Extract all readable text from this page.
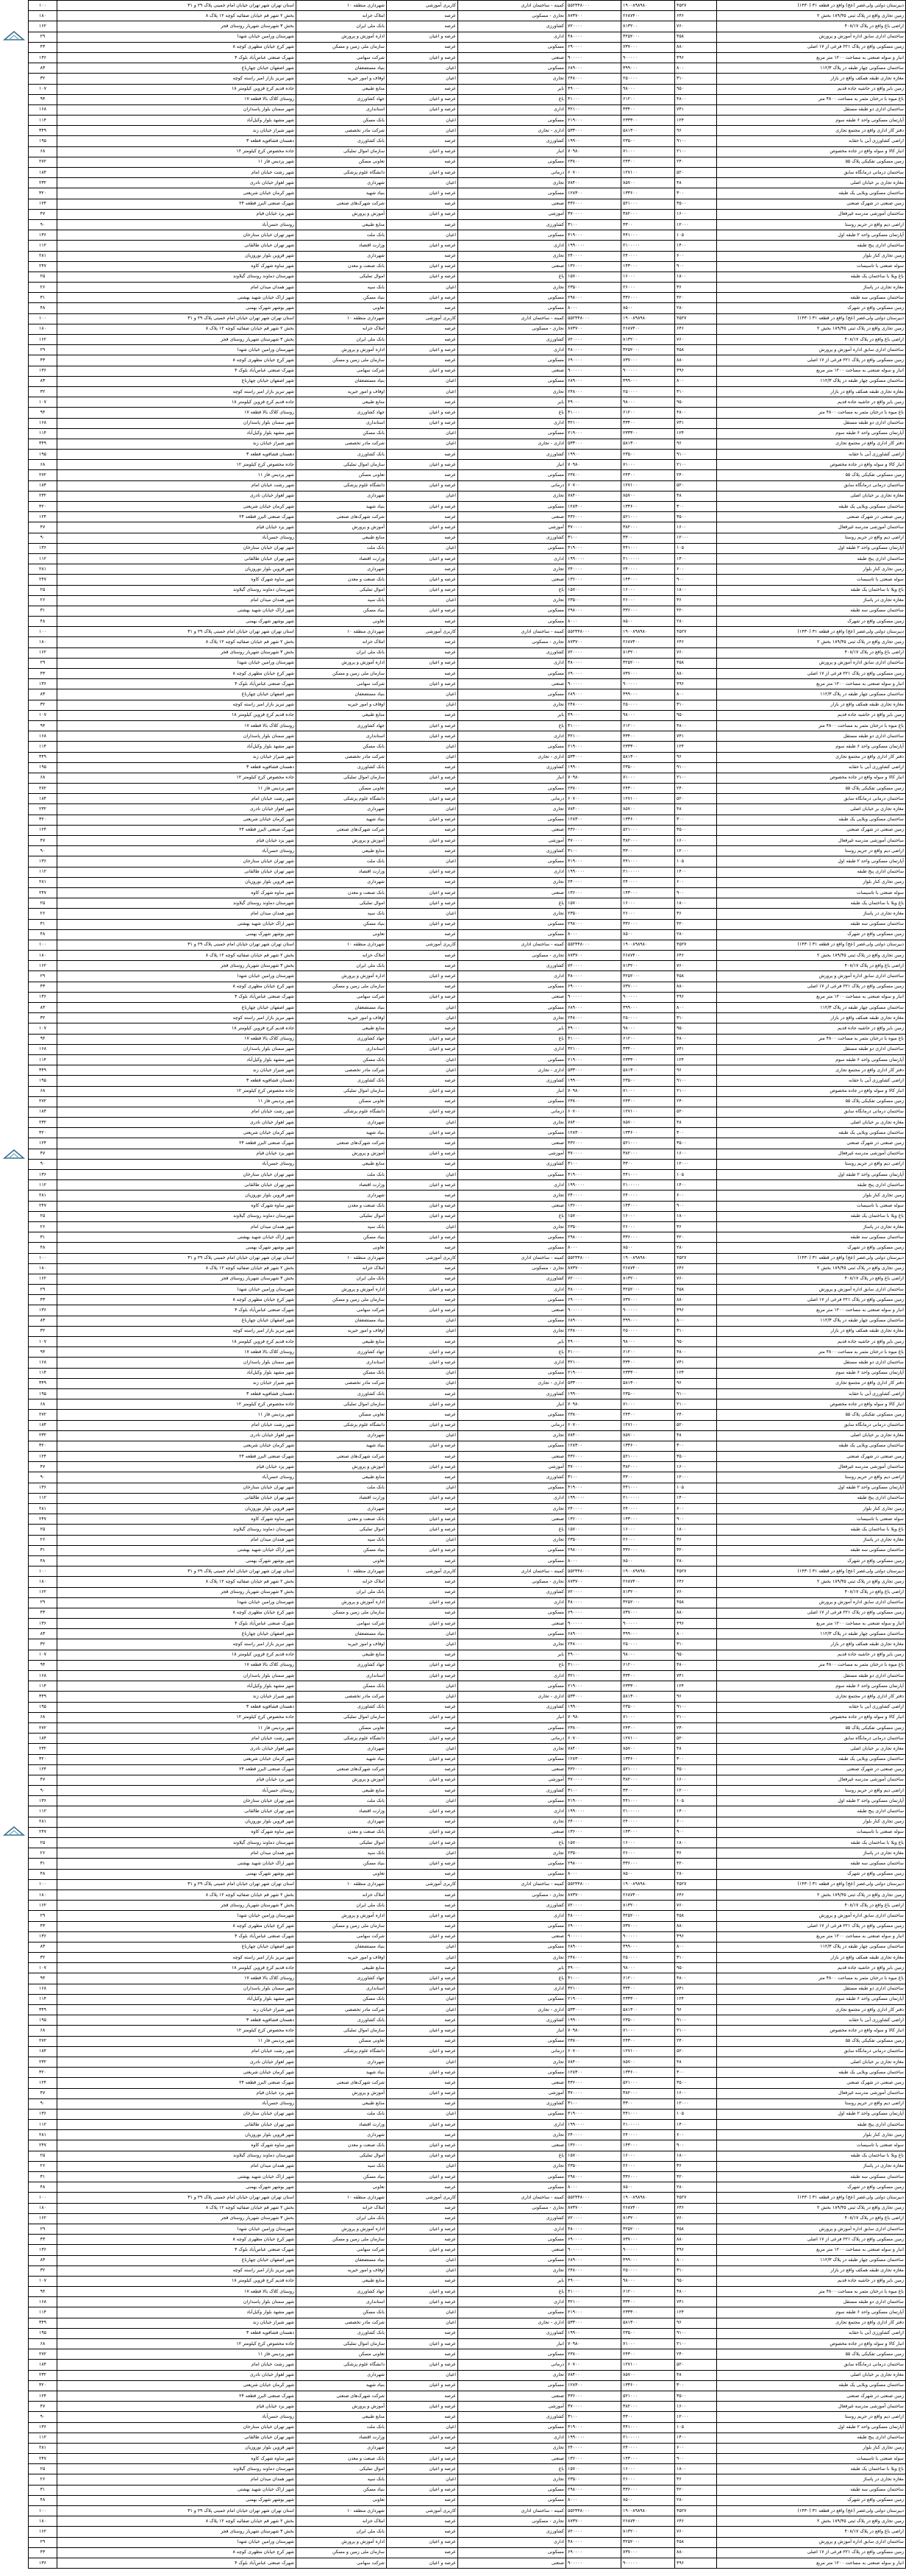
دبیرستان دولتی ولی‌عصر (عج) واقع در قطعه ۳۱ (۱۴۳۰)	۴۵۲۷	۱۹۰۰۸۹۸۹۸۰	۵۵۲۴۴۸۰۰۰	کمیته - ساختمان اداری	کاربری آموزشی	شهرداری منطقه ۱۰	استان تهران شهر تهران خیابان امام خمینی پلاک ۲۹ و ۳۱	۱۰۰
زمین تجاری واقع در پلاک ثبتی ۱۸۹/۴۵ بخش ۲	۶۴۶	۲۶۸۷۴۰۰	۸۷۳۷۰۰	تجاری - مسکونی	عرصه	املاک خزانه	بخش ۲ شهر قم خیابان صفائیه کوچه ۱۲ پلاک ۸	۱۸۰
اراضی باغ واقع در پلاک ۴۰۸/۱۷	۷۶۰	۸۱۳۲۰۰	۷۲۰۰۰۰	کشاورزی	عرصه	بانک ملی ایران	بخش ۳ شهرستان شهریار روستای قجر	۱۶۲
ساختمان اداری سابق اداره آموزش و پرورش	۴۵۸	۳۲۵۲۰۰۰	۴۸۰۰۰۰	اداری	عرصه و اعیان	اداره آموزش و پرورش	شهرستان ورامین خیابان شهدا	۲۹
زمین مسکونی واقع در پلاک ۲۲۱ فرعی از ۱۷ اصلی	۸۸۰	۷۳۷۰۰۰	۶۹۰۰۰۰	مسکونی	عرصه	سازمان ملی زمین و مسکن	شهر کرج خیابان مطهری کوچه ۸	۴۳
انبار و سوله صنعتی به مساحت ۱۲۰۰ متر مربع	۴۹۶	۹۰۰۰۰۰	۹۰۰۰۰۰	صنعتی	عرصه و اعیان	شرکت سهامی	شهرک صنعتی عباس‌آباد بلوک ۴	۱۳۶
ساختمان مسکونی چهار طبقه در پلاک ۱۱۲/۳	۸۰۰	۳۹۹۰۰۰	۶۸۹۰۰۰	مسکونی	اعیان	بنیاد مستضعفان	شهر اصفهان خیابان چهارباغ	۸۳
مغازه تجاری طبقه همکف واقع در بازار	۳۱۰	۲۵۰۰۰۰	۲۴۸۰۰۰	تجاری	اعیان	اوقاف و امور خیریه	شهر تبریز بازار امیر راسته کوچه	۳۲
زمین بایر واقع در حاشیه جاده قدیم	۹۵۰	۹۸۰۰۰	۴۹۰۰۰	بایر	عرصه	منابع طبیعی	جاده قدیم کرج قزوین کیلومتر ۱۸	۱۰۷
باغ میوه با درختان مثمر به مساحت ۴۸۰۰ متر	۴۸۰۰	۶۱۲۰۰	۴۱۰۰۰	باغ	عرصه و اعیان	جهاد کشاورزی	روستای کلاک بالا قطعه ۱۷	۹۴
ساختمان اداری دو طبقه مستقل	۷۴۱	۳۳۴۰۰	۳۲۱۰۰	اداری	عرصه و اعیان	استانداری	شهر سمنان بلوار پاسداران	۱۶۸
آپارتمان مسکونی واحد ۶ طبقه سوم	۱۲۴	۲۳۳۳۰۰	۲۱۹۰۰۰	مسکونی	اعیان	بانک مسکن	شهر مشهد بلوار وکیل‌آباد	۱۱۴
دفتر کار اداری واقع در مجتمع تجاری	۹۶	۵۸۱۳۰۰	۵۳۳۰۰۰	اداری - تجاری	اعیان	شرکت مادر تخصصی	شهر شیراز خیابان زند	۳۴۹
اراضی کشاورزی آبی با حقابه	۹۱۰۰	۲۳۵۰۰	۱۹۹۰۰	کشاورزی	عرصه	بانک کشاورزی	دهستان فشافویه قطعه ۳	۱۹۵
انبار کالا و سوله واقع در جاده مخصوص	۲۱۰۰	۷۱۰۰۰	۷۰۹۸۰	انبار	عرصه و اعیان	سازمان اموال تملیکی	جاده مخصوص کرج کیلومتر ۱۲	۶۸
زمین مسکونی تفکیکی پلاک ۵۵	۲۴۰	۲۴۳۰۰	۲۳۸۰۰	مسکونی	عرصه	تعاونی مسکن	شهر پردیس فاز ۱۱	۲۷۲
ساختمان درمانی درمانگاه سابق	۵۲۰	۱۲۷۱۰۰	۶۰۷۰۰	درمانی	عرصه و اعیان	دانشگاه علوم پزشکی	شهر رشت خیابان امام	۱۸۴
مغازه تجاری بر خیابان اصلی	۴۸	۸۵۷۰۰	۷۸۴۰۰	تجاری	اعیان	شهرداری	شهر اهواز خیابان نادری	۲۳۲
ساختمان مسکونی ویلایی یک طبقه	۳۰۰	۱۳۳۶۰۰	۱۲۸۳۰۰	مسکونی	عرصه و اعیان	بنیاد شهید	شهر کرمان خیابان شریعتی	۳۲۰
زمین صنعتی در شهرک صنعتی	۳۵۰۰	۵۲۱۰۰۰	۴۳۶۰۰۰	صنعتی	عرصه	شرکت شهرک‌های صنعتی	شهرک صنعتی البرز قطعه ۲۴	۱۲۴
ساختمان آموزشی مدرسه غیرفعال	۱۶۰۰	۳۸۲۰۰۰	۳۷۰۰۰۰	آموزشی	عرصه و اعیان	آموزش و پرورش	شهر یزد خیابان قیام	۴۷
اراضی دیم واقع در حریم روستا	۱۲۰۰۰	۳۳۰۰	۳۱۰۰	کشاورزی	عرصه	منابع طبیعی	روستای حسن‌آباد	۹۰
آپارتمان مسکونی واحد ۲ طبقه اول	۱۰۵	۴۴۱۰۰۰	۴۱۹۰۰۰	مسکونی	اعیان	بانک ملت	شهر تهران خیابان ستارخان	۱۳۶
ساختمان اداری پنج طبقه	۱۴۰۰	۲۱۰۰۰۰۰	۱۹۹۰۰۰۰	اداری	عرصه و اعیان	وزارت اقتصاد	شهر تهران خیابان طالقانی	۱۱۲
زمین تجاری کنار بلوار	۶۰۰	۲۴۰۰۰۰	۲۴۰۰۰۰	تجاری	عرصه	شهرداری	شهر قزوین بلوار نوروزیان	۲۸۱
سوله صنعتی با تاسیسات	۹۰۰	۱۴۳۰۰۰	۱۳۶۰۰۰	صنعتی	عرصه و اعیان	بانک صنعت و معدن	شهر ساوه شهرک کاوه	۲۴۷
باغ ویلا با ساختمان یک طبقه	۱۸۰۰	۱۶۰۰۰	۱۵۷۰۰	باغ	عرصه و اعیان	اموال تملیکی	شهرستان دماوند روستای گیلاوند	۲۵
مغازه تجاری در پاساژ	۳۶	۲۶۰۰۰	۲۳۵۰۰	تجاری	اعیان	بانک سپه	شهر همدان میدان امام	۲۶
ساختمان مسکونی سه طبقه	۴۲۰	۳۳۶۰۰۰	۲۹۸۰۰۰	مسکونی	عرصه و اعیان	بنیاد مسکن	شهر اراک خیابان شهید بهشتی	۳۱
زمین مسکونی واقع در شهرک	۲۸۰	۸۵۰۰	۸۰۰۰	مسکونی	عرصه	تعاونی	شهر بوشهر شهرک بهمنی	۴۸
دبیرستان دولتی ولی‌عصر (عج) واقع در قطعه ۳۱ (۱۴۳۰)	۴۵۲۷	۱۹۰۰۸۹۸۹۸۰	۵۵۲۴۴۸۰۰۰	کمیته - ساختمان اداری	کاربری آموزشی	شهرداری منطقه ۱۰	استان تهران شهر تهران خیابان امام خمینی پلاک ۲۹ و ۳۱	۱۰۰
زمین تجاری واقع در پلاک ثبتی ۱۸۹/۴۵ بخش ۲	۶۴۶	۲۶۸۷۴۰۰	۸۷۳۷۰۰	تجاری - مسکونی	عرصه	املاک خزانه	بخش ۲ شهر قم خیابان صفائیه کوچه ۱۲ پلاک ۸	۱۸۰
اراضی باغ واقع در پلاک ۴۰۸/۱۷	۷۶۰	۸۱۳۲۰۰	۷۲۰۰۰۰	کشاورزی	عرصه	بانک ملی ایران	بخش ۳ شهرستان شهریار روستای قجر	۱۶۲
ساختمان اداری سابق اداره آموزش و پرورش	۴۵۸	۳۲۵۲۰۰۰	۴۸۰۰۰۰	اداری	عرصه و اعیان	اداره آموزش و پرورش	شهرستان ورامین خیابان شهدا	۲۹
زمین مسکونی واقع در پلاک ۲۲۱ فرعی از ۱۷ اصلی	۸۸۰	۷۳۷۰۰۰	۶۹۰۰۰۰	مسکونی	عرصه	سازمان ملی زمین و مسکن	شهر کرج خیابان مطهری کوچه ۸	۴۳
انبار و سوله صنعتی به مساحت ۱۲۰۰ متر مربع	۴۹۶	۹۰۰۰۰۰	۹۰۰۰۰۰	صنعتی	عرصه و اعیان	شرکت سهامی	شهرک صنعتی عباس‌آباد بلوک ۴	۱۳۶
ساختمان مسکونی چهار طبقه در پلاک ۱۱۲/۳	۸۰۰	۳۹۹۰۰۰	۶۸۹۰۰۰	مسکونی	اعیان	بنیاد مستضعفان	شهر اصفهان خیابان چهارباغ	۸۳
مغازه تجاری طبقه همکف واقع در بازار	۳۱۰	۲۵۰۰۰۰	۲۴۸۰۰۰	تجاری	اعیان	اوقاف و امور خیریه	شهر تبریز بازار امیر راسته کوچه	۳۲
زمین بایر واقع در حاشیه جاده قدیم	۹۵۰	۹۸۰۰۰	۴۹۰۰۰	بایر	عرصه	منابع طبیعی	جاده قدیم کرج قزوین کیلومتر ۱۸	۱۰۷
باغ میوه با درختان مثمر به مساحت ۴۸۰۰ متر	۴۸۰۰	۶۱۲۰۰	۴۱۰۰۰	باغ	عرصه و اعیان	جهاد کشاورزی	روستای کلاک بالا قطعه ۱۷	۹۴
ساختمان اداری دو طبقه مستقل	۷۴۱	۳۳۴۰۰	۳۲۱۰۰	اداری	عرصه و اعیان	استانداری	شهر سمنان بلوار پاسداران	۱۶۸
آپارتمان مسکونی واحد ۶ طبقه سوم	۱۲۴	۲۳۳۳۰۰	۲۱۹۰۰۰	مسکونی	اعیان	بانک مسکن	شهر مشهد بلوار وکیل‌آباد	۱۱۴
دفتر کار اداری واقع در مجتمع تجاری	۹۶	۵۸۱۳۰۰	۵۳۳۰۰۰	اداری - تجاری	اعیان	شرکت مادر تخصصی	شهر شیراز خیابان زند	۳۴۹
اراضی کشاورزی آبی با حقابه	۹۱۰۰	۲۳۵۰۰	۱۹۹۰۰	کشاورزی	عرصه	بانک کشاورزی	دهستان فشافویه قطعه ۳	۱۹۵
انبار کالا و سوله واقع در جاده مخصوص	۲۱۰۰	۷۱۰۰۰	۷۰۹۸۰	انبار	عرصه و اعیان	سازمان اموال تملیکی	جاده مخصوص کرج کیلومتر ۱۲	۶۸
زمین مسکونی تفکیکی پلاک ۵۵	۲۴۰	۲۴۳۰۰	۲۳۸۰۰	مسکونی	عرصه	تعاونی مسکن	شهر پردیس فاز ۱۱	۲۷۲
ساختمان درمانی درمانگاه سابق	۵۲۰	۱۲۷۱۰۰	۶۰۷۰۰	درمانی	عرصه و اعیان	دانشگاه علوم پزشکی	شهر رشت خیابان امام	۱۸۴
مغازه تجاری بر خیابان اصلی	۴۸	۸۵۷۰۰	۷۸۴۰۰	تجاری	اعیان	شهرداری	شهر اهواز خیابان نادری	۲۳۲
ساختمان مسکونی ویلایی یک طبقه	۳۰۰	۱۳۳۶۰۰	۱۲۸۳۰۰	مسکونی	عرصه و اعیان	بنیاد شهید	شهر کرمان خیابان شریعتی	۳۲۰
زمین صنعتی در شهرک صنعتی	۳۵۰۰	۵۲۱۰۰۰	۴۳۶۰۰۰	صنعتی	عرصه	شرکت شهرک‌های صنعتی	شهرک صنعتی البرز قطعه ۲۴	۱۲۴
ساختمان آموزشی مدرسه غیرفعال	۱۶۰۰	۳۸۲۰۰۰	۳۷۰۰۰۰	آموزشی	عرصه و اعیان	آموزش و پرورش	شهر یزد خیابان قیام	۴۷
اراضی دیم واقع در حریم روستا	۱۲۰۰۰	۳۳۰۰	۳۱۰۰	کشاورزی	عرصه	منابع طبیعی	روستای حسن‌آباد	۹۰
آپارتمان مسکونی واحد ۲ طبقه اول	۱۰۵	۴۴۱۰۰۰	۴۱۹۰۰۰	مسکونی	اعیان	بانک ملت	شهر تهران خیابان ستارخان	۱۳۶
ساختمان اداری پنج طبقه	۱۴۰۰	۲۱۰۰۰۰۰	۱۹۹۰۰۰۰	اداری	عرصه و اعیان	وزارت اقتصاد	شهر تهران خیابان طالقانی	۱۱۲
زمین تجاری کنار بلوار	۶۰۰	۲۴۰۰۰۰	۲۴۰۰۰۰	تجاری	عرصه	شهرداری	شهر قزوین بلوار نوروزیان	۲۸۱
سوله صنعتی با تاسیسات	۹۰۰	۱۴۳۰۰۰	۱۳۶۰۰۰	صنعتی	عرصه و اعیان	بانک صنعت و معدن	شهر ساوه شهرک کاوه	۲۴۷
باغ ویلا با ساختمان یک طبقه	۱۸۰۰	۱۶۰۰۰	۱۵۷۰۰	باغ	عرصه و اعیان	اموال تملیکی	شهرستان دماوند روستای گیلاوند	۲۵
مغازه تجاری در پاساژ	۳۶	۲۶۰۰۰	۲۳۵۰۰	تجاری	اعیان	بانک سپه	شهر همدان میدان امام	۲۶
ساختمان مسکونی سه طبقه	۴۲۰	۳۳۶۰۰۰	۲۹۸۰۰۰	مسکونی	عرصه و اعیان	بنیاد مسکن	شهر اراک خیابان شهید بهشتی	۳۱
زمین مسکونی واقع در شهرک	۲۸۰	۸۵۰۰	۸۰۰۰	مسکونی	عرصه	تعاونی	شهر بوشهر شهرک بهمنی	۴۸
دبیرستان دولتی ولی‌عصر (عج) واقع در قطعه ۳۱ (۱۴۳۰)	۴۵۲۷	۱۹۰۰۸۹۸۹۸۰	۵۵۲۴۴۸۰۰۰	کمیته - ساختمان اداری	کاربری آموزشی	شهرداری منطقه ۱۰	استان تهران شهر تهران خیابان امام خمینی پلاک ۲۹ و ۳۱	۱۰۰
زمین تجاری واقع در پلاک ثبتی ۱۸۹/۴۵ بخش ۲	۶۴۶	۲۶۸۷۴۰۰	۸۷۳۷۰۰	تجاری - مسکونی	عرصه	املاک خزانه	بخش ۲ شهر قم خیابان صفائیه کوچه ۱۲ پلاک ۸	۱۸۰
اراضی باغ واقع در پلاک ۴۰۸/۱۷	۷۶۰	۸۱۳۲۰۰	۷۲۰۰۰۰	کشاورزی	عرصه	بانک ملی ایران	بخش ۳ شهرستان شهریار روستای قجر	۱۶۲
ساختمان اداری سابق اداره آموزش و پرورش	۴۵۸	۳۲۵۲۰۰۰	۴۸۰۰۰۰	اداری	عرصه و اعیان	اداره آموزش و پرورش	شهرستان ورامین خیابان شهدا	۲۹
زمین مسکونی واقع در پلاک ۲۲۱ فرعی از ۱۷ اصلی	۸۸۰	۷۳۷۰۰۰	۶۹۰۰۰۰	مسکونی	عرصه	سازمان ملی زمین و مسکن	شهر کرج خیابان مطهری کوچه ۸	۴۳
انبار و سوله صنعتی به مساحت ۱۲۰۰ متر مربع	۴۹۶	۹۰۰۰۰۰	۹۰۰۰۰۰	صنعتی	عرصه و اعیان	شرکت سهامی	شهرک صنعتی عباس‌آباد بلوک ۴	۱۳۶
ساختمان مسکونی چهار طبقه در پلاک ۱۱۲/۳	۸۰۰	۳۹۹۰۰۰	۶۸۹۰۰۰	مسکونی	اعیان	بنیاد مستضعفان	شهر اصفهان خیابان چهارباغ	۸۳
مغازه تجاری طبقه همکف واقع در بازار	۳۱۰	۲۵۰۰۰۰	۲۴۸۰۰۰	تجاری	اعیان	اوقاف و امور خیریه	شهر تبریز بازار امیر راسته کوچه	۳۲
زمین بایر واقع در حاشیه جاده قدیم	۹۵۰	۹۸۰۰۰	۴۹۰۰۰	بایر	عرصه	منابع طبیعی	جاده قدیم کرج قزوین کیلومتر ۱۸	۱۰۷
باغ میوه با درختان مثمر به مساحت ۴۸۰۰ متر	۴۸۰۰	۶۱۲۰۰	۴۱۰۰۰	باغ	عرصه و اعیان	جهاد کشاورزی	روستای کلاک بالا قطعه ۱۷	۹۴
ساختمان اداری دو طبقه مستقل	۷۴۱	۳۳۴۰۰	۳۲۱۰۰	اداری	عرصه و اعیان	استانداری	شهر سمنان بلوار پاسداران	۱۶۸
آپارتمان مسکونی واحد ۶ طبقه سوم	۱۲۴	۲۳۳۳۰۰	۲۱۹۰۰۰	مسکونی	اعیان	بانک مسکن	شهر مشهد بلوار وکیل‌آباد	۱۱۴
دفتر کار اداری واقع در مجتمع تجاری	۹۶	۵۸۱۳۰۰	۵۳۳۰۰۰	اداری - تجاری	اعیان	شرکت مادر تخصصی	شهر شیراز خیابان زند	۳۴۹
اراضی کشاورزی آبی با حقابه	۹۱۰۰	۲۳۵۰۰	۱۹۹۰۰	کشاورزی	عرصه	بانک کشاورزی	دهستان فشافویه قطعه ۳	۱۹۵
انبار کالا و سوله واقع در جاده مخصوص	۲۱۰۰	۷۱۰۰۰	۷۰۹۸۰	انبار	عرصه و اعیان	سازمان اموال تملیکی	جاده مخصوص کرج کیلومتر ۱۲	۶۸
زمین مسکونی تفکیکی پلاک ۵۵	۲۴۰	۲۴۳۰۰	۲۳۸۰۰	مسکونی	عرصه	تعاونی مسکن	شهر پردیس فاز ۱۱	۲۷۲
ساختمان درمانی درمانگاه سابق	۵۲۰	۱۲۷۱۰۰	۶۰۷۰۰	درمانی	عرصه و اعیان	دانشگاه علوم پزشکی	شهر رشت خیابان امام	۱۸۴
مغازه تجاری بر خیابان اصلی	۴۸	۸۵۷۰۰	۷۸۴۰۰	تجاری	اعیان	شهرداری	شهر اهواز خیابان نادری	۲۳۲
ساختمان مسکونی ویلایی یک طبقه	۳۰۰	۱۳۳۶۰۰	۱۲۸۳۰۰	مسکونی	عرصه و اعیان	بنیاد شهید	شهر کرمان خیابان شریعتی	۳۲۰
زمین صنعتی در شهرک صنعتی	۳۵۰۰	۵۲۱۰۰۰	۴۳۶۰۰۰	صنعتی	عرصه	شرکت شهرک‌های صنعتی	شهرک صنعتی البرز قطعه ۲۴	۱۲۴
ساختمان آموزشی مدرسه غیرفعال	۱۶۰۰	۳۸۲۰۰۰	۳۷۰۰۰۰	آموزشی	عرصه و اعیان	آموزش و پرورش	شهر یزد خیابان قیام	۴۷
اراضی دیم واقع در حریم روستا	۱۲۰۰۰	۳۳۰۰	۳۱۰۰	کشاورزی	عرصه	منابع طبیعی	روستای حسن‌آباد	۹۰
آپارتمان مسکونی واحد ۲ طبقه اول	۱۰۵	۴۴۱۰۰۰	۴۱۹۰۰۰	مسکونی	اعیان	بانک ملت	شهر تهران خیابان ستارخان	۱۳۶
ساختمان اداری پنج طبقه	۱۴۰۰	۲۱۰۰۰۰۰	۱۹۹۰۰۰۰	اداری	عرصه و اعیان	وزارت اقتصاد	شهر تهران خیابان طالقانی	۱۱۲
زمین تجاری کنار بلوار	۶۰۰	۲۴۰۰۰۰	۲۴۰۰۰۰	تجاری	عرصه	شهرداری	شهر قزوین بلوار نوروزیان	۲۸۱
سوله صنعتی با تاسیسات	۹۰۰	۱۴۳۰۰۰	۱۳۶۰۰۰	صنعتی	عرصه و اعیان	بانک صنعت و معدن	شهر ساوه شهرک کاوه	۲۴۷
باغ ویلا با ساختمان یک طبقه	۱۸۰۰	۱۶۰۰۰	۱۵۷۰۰	باغ	عرصه و اعیان	اموال تملیکی	شهرستان دماوند روستای گیلاوند	۲۵
مغازه تجاری در پاساژ	۳۶	۲۶۰۰۰	۲۳۵۰۰	تجاری	اعیان	بانک سپه	شهر همدان میدان امام	۲۶
ساختمان مسکونی سه طبقه	۴۲۰	۳۳۶۰۰۰	۲۹۸۰۰۰	مسکونی	عرصه و اعیان	بنیاد مسکن	شهر اراک خیابان شهید بهشتی	۳۱
زمین مسکونی واقع در شهرک	۲۸۰	۸۵۰۰	۸۰۰۰	مسکونی	عرصه	تعاونی	شهر بوشهر شهرک بهمنی	۴۸
دبیرستان دولتی ولی‌عصر (عج) واقع در قطعه ۳۱ (۱۴۳۰)	۴۵۲۷	۱۹۰۰۸۹۸۹۸۰	۵۵۲۴۴۸۰۰۰	کمیته - ساختمان اداری	کاربری آموزشی	شهرداری منطقه ۱۰	استان تهران شهر تهران خیابان امام خمینی پلاک ۲۹ و ۳۱	۱۰۰
زمین تجاری واقع در پلاک ثبتی ۱۸۹/۴۵ بخش ۲	۶۴۶	۲۶۸۷۴۰۰	۸۷۳۷۰۰	تجاری - مسکونی	عرصه	املاک خزانه	بخش ۲ شهر قم خیابان صفائیه کوچه ۱۲ پلاک ۸	۱۸۰
اراضی باغ واقع در پلاک ۴۰۸/۱۷	۷۶۰	۸۱۳۲۰۰	۷۲۰۰۰۰	کشاورزی	عرصه	بانک ملی ایران	بخش ۳ شهرستان شهریار روستای قجر	۱۶۲
ساختمان اداری سابق اداره آموزش و پرورش	۴۵۸	۳۲۵۲۰۰۰	۴۸۰۰۰۰	اداری	عرصه و اعیان	اداره آموزش و پرورش	شهرستان ورامین خیابان شهدا	۲۹
زمین مسکونی واقع در پلاک ۲۲۱ فرعی از ۱۷ اصلی	۸۸۰	۷۳۷۰۰۰	۶۹۰۰۰۰	مسکونی	عرصه	سازمان ملی زمین و مسکن	شهر کرج خیابان مطهری کوچه ۸	۴۳
انبار و سوله صنعتی به مساحت ۱۲۰۰ متر مربع	۴۹۶	۹۰۰۰۰۰	۹۰۰۰۰۰	صنعتی	عرصه و اعیان	شرکت سهامی	شهرک صنعتی عباس‌آباد بلوک ۴	۱۳۶
ساختمان مسکونی چهار طبقه در پلاک ۱۱۲/۳	۸۰۰	۳۹۹۰۰۰	۶۸۹۰۰۰	مسکونی	اعیان	بنیاد مستضعفان	شهر اصفهان خیابان چهارباغ	۸۳
مغازه تجاری طبقه همکف واقع در بازار	۳۱۰	۲۵۰۰۰۰	۲۴۸۰۰۰	تجاری	اعیان	اوقاف و امور خیریه	شهر تبریز بازار امیر راسته کوچه	۳۲
زمین بایر واقع در حاشیه جاده قدیم	۹۵۰	۹۸۰۰۰	۴۹۰۰۰	بایر	عرصه	منابع طبیعی	جاده قدیم کرج قزوین کیلومتر ۱۸	۱۰۷
باغ میوه با درختان مثمر به مساحت ۴۸۰۰ متر	۴۸۰۰	۶۱۲۰۰	۴۱۰۰۰	باغ	عرصه و اعیان	جهاد کشاورزی	روستای کلاک بالا قطعه ۱۷	۹۴
ساختمان اداری دو طبقه مستقل	۷۴۱	۳۳۴۰۰	۳۲۱۰۰	اداری	عرصه و اعیان	استانداری	شهر سمنان بلوار پاسداران	۱۶۸
آپارتمان مسکونی واحد ۶ طبقه سوم	۱۲۴	۲۳۳۳۰۰	۲۱۹۰۰۰	مسکونی	اعیان	بانک مسکن	شهر مشهد بلوار وکیل‌آباد	۱۱۴
دفتر کار اداری واقع در مجتمع تجاری	۹۶	۵۸۱۳۰۰	۵۳۳۰۰۰	اداری - تجاری	اعیان	شرکت مادر تخصصی	شهر شیراز خیابان زند	۳۴۹
اراضی کشاورزی آبی با حقابه	۹۱۰۰	۲۳۵۰۰	۱۹۹۰۰	کشاورزی	عرصه	بانک کشاورزی	دهستان فشافویه قطعه ۳	۱۹۵
انبار کالا و سوله واقع در جاده مخصوص	۲۱۰۰	۷۱۰۰۰	۷۰۹۸۰	انبار	عرصه و اعیان	سازمان اموال تملیکی	جاده مخصوص کرج کیلومتر ۱۲	۶۸
زمین مسکونی تفکیکی پلاک ۵۵	۲۴۰	۲۴۳۰۰	۲۳۸۰۰	مسکونی	عرصه	تعاونی مسکن	شهر پردیس فاز ۱۱	۲۷۲
ساختمان درمانی درمانگاه سابق	۵۲۰	۱۲۷۱۰۰	۶۰۷۰۰	درمانی	عرصه و اعیان	دانشگاه علوم پزشکی	شهر رشت خیابان امام	۱۸۴
مغازه تجاری بر خیابان اصلی	۴۸	۸۵۷۰۰	۷۸۴۰۰	تجاری	اعیان	شهرداری	شهر اهواز خیابان نادری	۲۳۲
ساختمان مسکونی ویلایی یک طبقه	۳۰۰	۱۳۳۶۰۰	۱۲۸۳۰۰	مسکونی	عرصه و اعیان	بنیاد شهید	شهر کرمان خیابان شریعتی	۳۲۰
زمین صنعتی در شهرک صنعتی	۳۵۰۰	۵۲۱۰۰۰	۴۳۶۰۰۰	صنعتی	عرصه	شرکت شهرک‌های صنعتی	شهرک صنعتی البرز قطعه ۲۴	۱۲۴
ساختمان آموزشی مدرسه غیرفعال	۱۶۰۰	۳۸۲۰۰۰	۳۷۰۰۰۰	آموزشی	عرصه و اعیان	آموزش و پرورش	شهر یزد خیابان قیام	۴۷
اراضی دیم واقع در حریم روستا	۱۲۰۰۰	۳۳۰۰	۳۱۰۰	کشاورزی	عرصه	منابع طبیعی	روستای حسن‌آباد	۹۰
آپارتمان مسکونی واحد ۲ طبقه اول	۱۰۵	۴۴۱۰۰۰	۴۱۹۰۰۰	مسکونی	اعیان	بانک ملت	شهر تهران خیابان ستارخان	۱۳۶
ساختمان اداری پنج طبقه	۱۴۰۰	۲۱۰۰۰۰۰	۱۹۹۰۰۰۰	اداری	عرصه و اعیان	وزارت اقتصاد	شهر تهران خیابان طالقانی	۱۱۲
زمین تجاری کنار بلوار	۶۰۰	۲۴۰۰۰۰	۲۴۰۰۰۰	تجاری	عرصه	شهرداری	شهر قزوین بلوار نوروزیان	۲۸۱
سوله صنعتی با تاسیسات	۹۰۰	۱۴۳۰۰۰	۱۳۶۰۰۰	صنعتی	عرصه و اعیان	بانک صنعت و معدن	شهر ساوه شهرک کاوه	۲۴۷
باغ ویلا با ساختمان یک طبقه	۱۸۰۰	۱۶۰۰۰	۱۵۷۰۰	باغ	عرصه و اعیان	اموال تملیکی	شهرستان دماوند روستای گیلاوند	۲۵
مغازه تجاری در پاساژ	۳۶	۲۶۰۰۰	۲۳۵۰۰	تجاری	اعیان	بانک سپه	شهر همدان میدان امام	۲۶
ساختمان مسکونی سه طبقه	۴۲۰	۳۳۶۰۰۰	۲۹۸۰۰۰	مسکونی	عرصه و اعیان	بنیاد مسکن	شهر اراک خیابان شهید بهشتی	۳۱
زمین مسکونی واقع در شهرک	۲۸۰	۸۵۰۰	۸۰۰۰	مسکونی	عرصه	تعاونی	شهر بوشهر شهرک بهمنی	۴۸
دبیرستان دولتی ولی‌عصر (عج) واقع در قطعه ۳۱ (۱۴۳۰)	۴۵۲۷	۱۹۰۰۸۹۸۹۸۰	۵۵۲۴۴۸۰۰۰	کمیته - ساختمان اداری	کاربری آموزشی	شهرداری منطقه ۱۰	استان تهران شهر تهران خیابان امام خمینی پلاک ۲۹ و ۳۱	۱۰۰
زمین تجاری واقع در پلاک ثبتی ۱۸۹/۴۵ بخش ۲	۶۴۶	۲۶۸۷۴۰۰	۸۷۳۷۰۰	تجاری - مسکونی	عرصه	املاک خزانه	بخش ۲ شهر قم خیابان صفائیه کوچه ۱۲ پلاک ۸	۱۸۰
اراضی باغ واقع در پلاک ۴۰۸/۱۷	۷۶۰	۸۱۳۲۰۰	۷۲۰۰۰۰	کشاورزی	عرصه	بانک ملی ایران	بخش ۳ شهرستان شهریار روستای قجر	۱۶۲
ساختمان اداری سابق اداره آموزش و پرورش	۴۵۸	۳۲۵۲۰۰۰	۴۸۰۰۰۰	اداری	عرصه و اعیان	اداره آموزش و پرورش	شهرستان ورامین خیابان شهدا	۲۹
زمین مسکونی واقع در پلاک ۲۲۱ فرعی از ۱۷ اصلی	۸۸۰	۷۳۷۰۰۰	۶۹۰۰۰۰	مسکونی	عرصه	سازمان ملی زمین و مسکن	شهر کرج خیابان مطهری کوچه ۸	۴۳
انبار و سوله صنعتی به مساحت ۱۲۰۰ متر مربع	۴۹۶	۹۰۰۰۰۰	۹۰۰۰۰۰	صنعتی	عرصه و اعیان	شرکت سهامی	شهرک صنعتی عباس‌آباد بلوک ۴	۱۳۶
ساختمان مسکونی چهار طبقه در پلاک ۱۱۲/۳	۸۰۰	۳۹۹۰۰۰	۶۸۹۰۰۰	مسکونی	اعیان	بنیاد مستضعفان	شهر اصفهان خیابان چهارباغ	۸۳
مغازه تجاری طبقه همکف واقع در بازار	۳۱۰	۲۵۰۰۰۰	۲۴۸۰۰۰	تجاری	اعیان	اوقاف و امور خیریه	شهر تبریز بازار امیر راسته کوچه	۳۲
زمین بایر واقع در حاشیه جاده قدیم	۹۵۰	۹۸۰۰۰	۴۹۰۰۰	بایر	عرصه	منابع طبیعی	جاده قدیم کرج قزوین کیلومتر ۱۸	۱۰۷
باغ میوه با درختان مثمر به مساحت ۴۸۰۰ متر	۴۸۰۰	۶۱۲۰۰	۴۱۰۰۰	باغ	عرصه و اعیان	جهاد کشاورزی	روستای کلاک بالا قطعه ۱۷	۹۴
ساختمان اداری دو طبقه مستقل	۷۴۱	۳۳۴۰۰	۳۲۱۰۰	اداری	عرصه و اعیان	استانداری	شهر سمنان بلوار پاسداران	۱۶۸
آپارتمان مسکونی واحد ۶ طبقه سوم	۱۲۴	۲۳۳۳۰۰	۲۱۹۰۰۰	مسکونی	اعیان	بانک مسکن	شهر مشهد بلوار وکیل‌آباد	۱۱۴
دفتر کار اداری واقع در مجتمع تجاری	۹۶	۵۸۱۳۰۰	۵۳۳۰۰۰	اداری - تجاری	اعیان	شرکت مادر تخصصی	شهر شیراز خیابان زند	۳۴۹
اراضی کشاورزی آبی با حقابه	۹۱۰۰	۲۳۵۰۰	۱۹۹۰۰	کشاورزی	عرصه	بانک کشاورزی	دهستان فشافویه قطعه ۳	۱۹۵
انبار کالا و سوله واقع در جاده مخصوص	۲۱۰۰	۷۱۰۰۰	۷۰۹۸۰	انبار	عرصه و اعیان	سازمان اموال تملیکی	جاده مخصوص کرج کیلومتر ۱۲	۶۸
زمین مسکونی تفکیکی پلاک ۵۵	۲۴۰	۲۴۳۰۰	۲۳۸۰۰	مسکونی	عرصه	تعاونی مسکن	شهر پردیس فاز ۱۱	۲۷۲
ساختمان درمانی درمانگاه سابق	۵۲۰	۱۲۷۱۰۰	۶۰۷۰۰	درمانی	عرصه و اعیان	دانشگاه علوم پزشکی	شهر رشت خیابان امام	۱۸۴
مغازه تجاری بر خیابان اصلی	۴۸	۸۵۷۰۰	۷۸۴۰۰	تجاری	اعیان	شهرداری	شهر اهواز خیابان نادری	۲۳۲
ساختمان مسکونی ویلایی یک طبقه	۳۰۰	۱۳۳۶۰۰	۱۲۸۳۰۰	مسکونی	عرصه و اعیان	بنیاد شهید	شهر کرمان خیابان شریعتی	۳۲۰
زمین صنعتی در شهرک صنعتی	۳۵۰۰	۵۲۱۰۰۰	۴۳۶۰۰۰	صنعتی	عرصه	شرکت شهرک‌های صنعتی	شهرک صنعتی البرز قطعه ۲۴	۱۲۴
ساختمان آموزشی مدرسه غیرفعال	۱۶۰۰	۳۸۲۰۰۰	۳۷۰۰۰۰	آموزشی	عرصه و اعیان	آموزش و پرورش	شهر یزد خیابان قیام	۴۷
اراضی دیم واقع در حریم روستا	۱۲۰۰۰	۳۳۰۰	۳۱۰۰	کشاورزی	عرصه	منابع طبیعی	روستای حسن‌آباد	۹۰
آپارتمان مسکونی واحد ۲ طبقه اول	۱۰۵	۴۴۱۰۰۰	۴۱۹۰۰۰	مسکونی	اعیان	بانک ملت	شهر تهران خیابان ستارخان	۱۳۶
ساختمان اداری پنج طبقه	۱۴۰۰	۲۱۰۰۰۰۰	۱۹۹۰۰۰۰	اداری	عرصه و اعیان	وزارت اقتصاد	شهر تهران خیابان طالقانی	۱۱۲
زمین تجاری کنار بلوار	۶۰۰	۲۴۰۰۰۰	۲۴۰۰۰۰	تجاری	عرصه	شهرداری	شهر قزوین بلوار نوروزیان	۲۸۱
سوله صنعتی با تاسیسات	۹۰۰	۱۴۳۰۰۰	۱۳۶۰۰۰	صنعتی	عرصه و اعیان	بانک صنعت و معدن	شهر ساوه شهرک کاوه	۲۴۷
باغ ویلا با ساختمان یک طبقه	۱۸۰۰	۱۶۰۰۰	۱۵۷۰۰	باغ	عرصه و اعیان	اموال تملیکی	شهرستان دماوند روستای گیلاوند	۲۵
مغازه تجاری در پاساژ	۳۶	۲۶۰۰۰	۲۳۵۰۰	تجاری	اعیان	بانک سپه	شهر همدان میدان امام	۲۶
ساختمان مسکونی سه طبقه	۴۲۰	۳۳۶۰۰۰	۲۹۸۰۰۰	مسکونی	عرصه و اعیان	بنیاد مسکن	شهر اراک خیابان شهید بهشتی	۳۱
زمین مسکونی واقع در شهرک	۲۸۰	۸۵۰۰	۸۰۰۰	مسکونی	عرصه	تعاونی	شهر بوشهر شهرک بهمنی	۴۸
دبیرستان دولتی ولی‌عصر (عج) واقع در قطعه ۳۱ (۱۴۳۰)	۴۵۲۷	۱۹۰۰۸۹۸۹۸۰	۵۵۲۴۴۸۰۰۰	کمیته - ساختمان اداری	کاربری آموزشی	شهرداری منطقه ۱۰	استان تهران شهر تهران خیابان امام خمینی پلاک ۲۹ و ۳۱	۱۰۰
زمین تجاری واقع در پلاک ثبتی ۱۸۹/۴۵ بخش ۲	۶۴۶	۲۶۸۷۴۰۰	۸۷۳۷۰۰	تجاری - مسکونی	عرصه	املاک خزانه	بخش ۲ شهر قم خیابان صفائیه کوچه ۱۲ پلاک ۸	۱۸۰
اراضی باغ واقع در پلاک ۴۰۸/۱۷	۷۶۰	۸۱۳۲۰۰	۷۲۰۰۰۰	کشاورزی	عرصه	بانک ملی ایران	بخش ۳ شهرستان شهریار روستای قجر	۱۶۲
ساختمان اداری سابق اداره آموزش و پرورش	۴۵۸	۳۲۵۲۰۰۰	۴۸۰۰۰۰	اداری	عرصه و اعیان	اداره آموزش و پرورش	شهرستان ورامین خیابان شهدا	۲۹
زمین مسکونی واقع در پلاک ۲۲۱ فرعی از ۱۷ اصلی	۸۸۰	۷۳۷۰۰۰	۶۹۰۰۰۰	مسکونی	عرصه	سازمان ملی زمین و مسکن	شهر کرج خیابان مطهری کوچه ۸	۴۳
انبار و سوله صنعتی به مساحت ۱۲۰۰ متر مربع	۴۹۶	۹۰۰۰۰۰	۹۰۰۰۰۰	صنعتی	عرصه و اعیان	شرکت سهامی	شهرک صنعتی عباس‌آباد بلوک ۴	۱۳۶
ساختمان مسکونی چهار طبقه در پلاک ۱۱۲/۳	۸۰۰	۳۹۹۰۰۰	۶۸۹۰۰۰	مسکونی	اعیان	بنیاد مستضعفان	شهر اصفهان خیابان چهارباغ	۸۳
مغازه تجاری طبقه همکف واقع در بازار	۳۱۰	۲۵۰۰۰۰	۲۴۸۰۰۰	تجاری	اعیان	اوقاف و امور خیریه	شهر تبریز بازار امیر راسته کوچه	۳۲
زمین بایر واقع در حاشیه جاده قدیم	۹۵۰	۹۸۰۰۰	۴۹۰۰۰	بایر	عرصه	منابع طبیعی	جاده قدیم کرج قزوین کیلومتر ۱۸	۱۰۷
باغ میوه با درختان مثمر به مساحت ۴۸۰۰ متر	۴۸۰۰	۶۱۲۰۰	۴۱۰۰۰	باغ	عرصه و اعیان	جهاد کشاورزی	روستای کلاک بالا قطعه ۱۷	۹۴
ساختمان اداری دو طبقه مستقل	۷۴۱	۳۳۴۰۰	۳۲۱۰۰	اداری	عرصه و اعیان	استانداری	شهر سمنان بلوار پاسداران	۱۶۸
آپارتمان مسکونی واحد ۶ طبقه سوم	۱۲۴	۲۳۳۳۰۰	۲۱۹۰۰۰	مسکونی	اعیان	بانک مسکن	شهر مشهد بلوار وکیل‌آباد	۱۱۴
دفتر کار اداری واقع در مجتمع تجاری	۹۶	۵۸۱۳۰۰	۵۳۳۰۰۰	اداری - تجاری	اعیان	شرکت مادر تخصصی	شهر شیراز خیابان زند	۳۴۹
اراضی کشاورزی آبی با حقابه	۹۱۰۰	۲۳۵۰۰	۱۹۹۰۰	کشاورزی	عرصه	بانک کشاورزی	دهستان فشافویه قطعه ۳	۱۹۵
انبار کالا و سوله واقع در جاده مخصوص	۲۱۰۰	۷۱۰۰۰	۷۰۹۸۰	انبار	عرصه و اعیان	سازمان اموال تملیکی	جاده مخصوص کرج کیلومتر ۱۲	۶۸
زمین مسکونی تفکیکی پلاک ۵۵	۲۴۰	۲۴۳۰۰	۲۳۸۰۰	مسکونی	عرصه	تعاونی مسکن	شهر پردیس فاز ۱۱	۲۷۲
ساختمان درمانی درمانگاه سابق	۵۲۰	۱۲۷۱۰۰	۶۰۷۰۰	درمانی	عرصه و اعیان	دانشگاه علوم پزشکی	شهر رشت خیابان امام	۱۸۴
مغازه تجاری بر خیابان اصلی	۴۸	۸۵۷۰۰	۷۸۴۰۰	تجاری	اعیان	شهرداری	شهر اهواز خیابان نادری	۲۳۲
ساختمان مسکونی ویلایی یک طبقه	۳۰۰	۱۳۳۶۰۰	۱۲۸۳۰۰	مسکونی	عرصه و اعیان	بنیاد شهید	شهر کرمان خیابان شریعتی	۳۲۰
زمین صنعتی در شهرک صنعتی	۳۵۰۰	۵۲۱۰۰۰	۴۳۶۰۰۰	صنعتی	عرصه	شرکت شهرک‌های صنعتی	شهرک صنعتی البرز قطعه ۲۴	۱۲۴
ساختمان آموزشی مدرسه غیرفعال	۱۶۰۰	۳۸۲۰۰۰	۳۷۰۰۰۰	آموزشی	عرصه و اعیان	آموزش و پرورش	شهر یزد خیابان قیام	۴۷
اراضی دیم واقع در حریم روستا	۱۲۰۰۰	۳۳۰۰	۳۱۰۰	کشاورزی	عرصه	منابع طبیعی	روستای حسن‌آباد	۹۰
آپارتمان مسکونی واحد ۲ طبقه اول	۱۰۵	۴۴۱۰۰۰	۴۱۹۰۰۰	مسکونی	اعیان	بانک ملت	شهر تهران خیابان ستارخان	۱۳۶
ساختمان اداری پنج طبقه	۱۴۰۰	۲۱۰۰۰۰۰	۱۹۹۰۰۰۰	اداری	عرصه و اعیان	وزارت اقتصاد	شهر تهران خیابان طالقانی	۱۱۲
زمین تجاری کنار بلوار	۶۰۰	۲۴۰۰۰۰	۲۴۰۰۰۰	تجاری	عرصه	شهرداری	شهر قزوین بلوار نوروزیان	۲۸۱
سوله صنعتی با تاسیسات	۹۰۰	۱۴۳۰۰۰	۱۳۶۰۰۰	صنعتی	عرصه و اعیان	بانک صنعت و معدن	شهر ساوه شهرک کاوه	۲۴۷
باغ ویلا با ساختمان یک طبقه	۱۸۰۰	۱۶۰۰۰	۱۵۷۰۰	باغ	عرصه و اعیان	اموال تملیکی	شهرستان دماوند روستای گیلاوند	۲۵
مغازه تجاری در پاساژ	۳۶	۲۶۰۰۰	۲۳۵۰۰	تجاری	اعیان	بانک سپه	شهر همدان میدان امام	۲۶
ساختمان مسکونی سه طبقه	۴۲۰	۳۳۶۰۰۰	۲۹۸۰۰۰	مسکونی	عرصه و اعیان	بنیاد مسکن	شهر اراک خیابان شهید بهشتی	۳۱
زمین مسکونی واقع در شهرک	۲۸۰	۸۵۰۰	۸۰۰۰	مسکونی	عرصه	تعاونی	شهر بوشهر شهرک بهمنی	۴۸
دبیرستان دولتی ولی‌عصر (عج) واقع در قطعه ۳۱ (۱۴۳۰)	۴۵۲۷	۱۹۰۰۸۹۸۹۸۰	۵۵۲۴۴۸۰۰۰	کمیته - ساختمان اداری	کاربری آموزشی	شهرداری منطقه ۱۰	استان تهران شهر تهران خیابان امام خمینی پلاک ۲۹ و ۳۱	۱۰۰
زمین تجاری واقع در پلاک ثبتی ۱۸۹/۴۵ بخش ۲	۶۴۶	۲۶۸۷۴۰۰	۸۷۳۷۰۰	تجاری - مسکونی	عرصه	املاک خزانه	بخش ۲ شهر قم خیابان صفائیه کوچه ۱۲ پلاک ۸	۱۸۰
اراضی باغ واقع در پلاک ۴۰۸/۱۷	۷۶۰	۸۱۳۲۰۰	۷۲۰۰۰۰	کشاورزی	عرصه	بانک ملی ایران	بخش ۳ شهرستان شهریار روستای قجر	۱۶۲
ساختمان اداری سابق اداره آموزش و پرورش	۴۵۸	۳۲۵۲۰۰۰	۴۸۰۰۰۰	اداری	عرصه و اعیان	اداره آموزش و پرورش	شهرستان ورامین خیابان شهدا	۲۹
زمین مسکونی واقع در پلاک ۲۲۱ فرعی از ۱۷ اصلی	۸۸۰	۷۳۷۰۰۰	۶۹۰۰۰۰	مسکونی	عرصه	سازمان ملی زمین و مسکن	شهر کرج خیابان مطهری کوچه ۸	۴۳
انبار و سوله صنعتی به مساحت ۱۲۰۰ متر مربع	۴۹۶	۹۰۰۰۰۰	۹۰۰۰۰۰	صنعتی	عرصه و اعیان	شرکت سهامی	شهرک صنعتی عباس‌آباد بلوک ۴	۱۳۶
ساختمان مسکونی چهار طبقه در پلاک ۱۱۲/۳	۸۰۰	۳۹۹۰۰۰	۶۸۹۰۰۰	مسکونی	اعیان	بنیاد مستضعفان	شهر اصفهان خیابان چهارباغ	۸۳
مغازه تجاری طبقه همکف واقع در بازار	۳۱۰	۲۵۰۰۰۰	۲۴۸۰۰۰	تجاری	اعیان	اوقاف و امور خیریه	شهر تبریز بازار امیر راسته کوچه	۳۲
زمین بایر واقع در حاشیه جاده قدیم	۹۵۰	۹۸۰۰۰	۴۹۰۰۰	بایر	عرصه	منابع طبیعی	جاده قدیم کرج قزوین کیلومتر ۱۸	۱۰۷
باغ میوه با درختان مثمر به مساحت ۴۸۰۰ متر	۴۸۰۰	۶۱۲۰۰	۴۱۰۰۰	باغ	عرصه و اعیان	جهاد کشاورزی	روستای کلاک بالا قطعه ۱۷	۹۴
ساختمان اداری دو طبقه مستقل	۷۴۱	۳۳۴۰۰	۳۲۱۰۰	اداری	عرصه و اعیان	استانداری	شهر سمنان بلوار پاسداران	۱۶۸
آپارتمان مسکونی واحد ۶ طبقه سوم	۱۲۴	۲۳۳۳۰۰	۲۱۹۰۰۰	مسکونی	اعیان	بانک مسکن	شهر مشهد بلوار وکیل‌آباد	۱۱۴
دفتر کار اداری واقع در مجتمع تجاری	۹۶	۵۸۱۳۰۰	۵۳۳۰۰۰	اداری - تجاری	اعیان	شرکت مادر تخصصی	شهر شیراز خیابان زند	۳۴۹
اراضی کشاورزی آبی با حقابه	۹۱۰۰	۲۳۵۰۰	۱۹۹۰۰	کشاورزی	عرصه	بانک کشاورزی	دهستان فشافویه قطعه ۳	۱۹۵
انبار کالا و سوله واقع در جاده مخصوص	۲۱۰۰	۷۱۰۰۰	۷۰۹۸۰	انبار	عرصه و اعیان	سازمان اموال تملیکی	جاده مخصوص کرج کیلومتر ۱۲	۶۸
زمین مسکونی تفکیکی پلاک ۵۵	۲۴۰	۲۴۳۰۰	۲۳۸۰۰	مسکونی	عرصه	تعاونی مسکن	شهر پردیس فاز ۱۱	۲۷۲
ساختمان درمانی درمانگاه سابق	۵۲۰	۱۲۷۱۰۰	۶۰۷۰۰	درمانی	عرصه و اعیان	دانشگاه علوم پزشکی	شهر رشت خیابان امام	۱۸۴
مغازه تجاری بر خیابان اصلی	۴۸	۸۵۷۰۰	۷۸۴۰۰	تجاری	اعیان	شهرداری	شهر اهواز خیابان نادری	۲۳۲
ساختمان مسکونی ویلایی یک طبقه	۳۰۰	۱۳۳۶۰۰	۱۲۸۳۰۰	مسکونی	عرصه و اعیان	بنیاد شهید	شهر کرمان خیابان شریعتی	۳۲۰
زمین صنعتی در شهرک صنعتی	۳۵۰۰	۵۲۱۰۰۰	۴۳۶۰۰۰	صنعتی	عرصه	شرکت شهرک‌های صنعتی	شهرک صنعتی البرز قطعه ۲۴	۱۲۴
ساختمان آموزشی مدرسه غیرفعال	۱۶۰۰	۳۸۲۰۰۰	۳۷۰۰۰۰	آموزشی	عرصه و اعیان	آموزش و پرورش	شهر یزد خیابان قیام	۴۷
اراضی دیم واقع در حریم روستا	۱۲۰۰۰	۳۳۰۰	۳۱۰۰	کشاورزی	عرصه	منابع طبیعی	روستای حسن‌آباد	۹۰
آپارتمان مسکونی واحد ۲ طبقه اول	۱۰۵	۴۴۱۰۰۰	۴۱۹۰۰۰	مسکونی	اعیان	بانک ملت	شهر تهران خیابان ستارخان	۱۳۶
ساختمان اداری پنج طبقه	۱۴۰۰	۲۱۰۰۰۰۰	۱۹۹۰۰۰۰	اداری	عرصه و اعیان	وزارت اقتصاد	شهر تهران خیابان طالقانی	۱۱۲
زمین تجاری کنار بلوار	۶۰۰	۲۴۰۰۰۰	۲۴۰۰۰۰	تجاری	عرصه	شهرداری	شهر قزوین بلوار نوروزیان	۲۸۱
سوله صنعتی با تاسیسات	۹۰۰	۱۴۳۰۰۰	۱۳۶۰۰۰	صنعتی	عرصه و اعیان	بانک صنعت و معدن	شهر ساوه شهرک کاوه	۲۴۷
باغ ویلا با ساختمان یک طبقه	۱۸۰۰	۱۶۰۰۰	۱۵۷۰۰	باغ	عرصه و اعیان	اموال تملیکی	شهرستان دماوند روستای گیلاوند	۲۵
مغازه تجاری در پاساژ	۳۶	۲۶۰۰۰	۲۳۵۰۰	تجاری	اعیان	بانک سپه	شهر همدان میدان امام	۲۶
ساختمان مسکونی سه طبقه	۴۲۰	۳۳۶۰۰۰	۲۹۸۰۰۰	مسکونی	عرصه و اعیان	بنیاد مسکن	شهر اراک خیابان شهید بهشتی	۳۱
زمین مسکونی واقع در شهرک	۲۸۰	۸۵۰۰	۸۰۰۰	مسکونی	عرصه	تعاونی	شهر بوشهر شهرک بهمنی	۴۸
دبیرستان دولتی ولی‌عصر (عج) واقع در قطعه ۳۱ (۱۴۳۰)	۴۵۲۷	۱۹۰۰۸۹۸۹۸۰	۵۵۲۴۴۸۰۰۰	کمیته - ساختمان اداری	کاربری آموزشی	شهرداری منطقه ۱۰	استان تهران شهر تهران خیابان امام خمینی پلاک ۲۹ و ۳۱	۱۰۰
زمین تجاری واقع در پلاک ثبتی ۱۸۹/۴۵ بخش ۲	۶۴۶	۲۶۸۷۴۰۰	۸۷۳۷۰۰	تجاری - مسکونی	عرصه	املاک خزانه	بخش ۲ شهر قم خیابان صفائیه کوچه ۱۲ پلاک ۸	۱۸۰
اراضی باغ واقع در پلاک ۴۰۸/۱۷	۷۶۰	۸۱۳۲۰۰	۷۲۰۰۰۰	کشاورزی	عرصه	بانک ملی ایران	بخش ۳ شهرستان شهریار روستای قجر	۱۶۲
ساختمان اداری سابق اداره آموزش و پرورش	۴۵۸	۳۲۵۲۰۰۰	۴۸۰۰۰۰	اداری	عرصه و اعیان	اداره آموزش و پرورش	شهرستان ورامین خیابان شهدا	۲۹
زمین مسکونی واقع در پلاک ۲۲۱ فرعی از ۱۷ اصلی	۸۸۰	۷۳۷۰۰۰	۶۹۰۰۰۰	مسکونی	عرصه	سازمان ملی زمین و مسکن	شهر کرج خیابان مطهری کوچه ۸	۴۳
انبار و سوله صنعتی به مساحت ۱۲۰۰ متر مربع	۴۹۶	۹۰۰۰۰۰	۹۰۰۰۰۰	صنعتی	عرصه و اعیان	شرکت سهامی	شهرک صنعتی عباس‌آباد بلوک ۴	۱۳۶
ساختمان مسکونی چهار طبقه در پلاک ۱۱۲/۳	۸۰۰	۳۹۹۰۰۰	۶۸۹۰۰۰	مسکونی	اعیان	بنیاد مستضعفان	شهر اصفهان خیابان چهارباغ	۸۳
مغازه تجاری طبقه همکف واقع در بازار	۳۱۰	۲۵۰۰۰۰	۲۴۸۰۰۰	تجاری	اعیان	اوقاف و امور خیریه	شهر تبریز بازار امیر راسته کوچه	۳۲
زمین بایر واقع در حاشیه جاده قدیم	۹۵۰	۹۸۰۰۰	۴۹۰۰۰	بایر	عرصه	منابع طبیعی	جاده قدیم کرج قزوین کیلومتر ۱۸	۱۰۷
باغ میوه با درختان مثمر به مساحت ۴۸۰۰ متر	۴۸۰۰	۶۱۲۰۰	۴۱۰۰۰	باغ	عرصه و اعیان	جهاد کشاورزی	روستای کلاک بالا قطعه ۱۷	۹۴
ساختمان اداری دو طبقه مستقل	۷۴۱	۳۳۴۰۰	۳۲۱۰۰	اداری	عرصه و اعیان	استانداری	شهر سمنان بلوار پاسداران	۱۶۸
آپارتمان مسکونی واحد ۶ طبقه سوم	۱۲۴	۲۳۳۳۰۰	۲۱۹۰۰۰	مسکونی	اعیان	بانک مسکن	شهر مشهد بلوار وکیل‌آباد	۱۱۴
دفتر کار اداری واقع در مجتمع تجاری	۹۶	۵۸۱۳۰۰	۵۳۳۰۰۰	اداری - تجاری	اعیان	شرکت مادر تخصصی	شهر شیراز خیابان زند	۳۴۹
اراضی کشاورزی آبی با حقابه	۹۱۰۰	۲۳۵۰۰	۱۹۹۰۰	کشاورزی	عرصه	بانک کشاورزی	دهستان فشافویه قطعه ۳	۱۹۵
انبار کالا و سوله واقع در جاده مخصوص	۲۱۰۰	۷۱۰۰۰	۷۰۹۸۰	انبار	عرصه و اعیان	سازمان اموال تملیکی	جاده مخصوص کرج کیلومتر ۱۲	۶۸
زمین مسکونی تفکیکی پلاک ۵۵	۲۴۰	۲۴۳۰۰	۲۳۸۰۰	مسکونی	عرصه	تعاونی مسکن	شهر پردیس فاز ۱۱	۲۷۲
ساختمان درمانی درمانگاه سابق	۵۲۰	۱۲۷۱۰۰	۶۰۷۰۰	درمانی	عرصه و اعیان	دانشگاه علوم پزشکی	شهر رشت خیابان امام	۱۸۴
مغازه تجاری بر خیابان اصلی	۴۸	۸۵۷۰۰	۷۸۴۰۰	تجاری	اعیان	شهرداری	شهر اهواز خیابان نادری	۲۳۲
ساختمان مسکونی ویلایی یک طبقه	۳۰۰	۱۳۳۶۰۰	۱۲۸۳۰۰	مسکونی	عرصه و اعیان	بنیاد شهید	شهر کرمان خیابان شریعتی	۳۲۰
زمین صنعتی در شهرک صنعتی	۳۵۰۰	۵۲۱۰۰۰	۴۳۶۰۰۰	صنعتی	عرصه	شرکت شهرک‌های صنعتی	شهرک صنعتی البرز قطعه ۲۴	۱۲۴
ساختمان آموزشی مدرسه غیرفعال	۱۶۰۰	۳۸۲۰۰۰	۳۷۰۰۰۰	آموزشی	عرصه و اعیان	آموزش و پرورش	شهر یزد خیابان قیام	۴۷
اراضی دیم واقع در حریم روستا	۱۲۰۰۰	۳۳۰۰	۳۱۰۰	کشاورزی	عرصه	منابع طبیعی	روستای حسن‌آباد	۹۰
آپارتمان مسکونی واحد ۲ طبقه اول	۱۰۵	۴۴۱۰۰۰	۴۱۹۰۰۰	مسکونی	اعیان	بانک ملت	شهر تهران خیابان ستارخان	۱۳۶
ساختمان اداری پنج طبقه	۱۴۰۰	۲۱۰۰۰۰۰	۱۹۹۰۰۰۰	اداری	عرصه و اعیان	وزارت اقتصاد	شهر تهران خیابان طالقانی	۱۱۲
زمین تجاری کنار بلوار	۶۰۰	۲۴۰۰۰۰	۲۴۰۰۰۰	تجاری	عرصه	شهرداری	شهر قزوین بلوار نوروزیان	۲۸۱
سوله صنعتی با تاسیسات	۹۰۰	۱۴۳۰۰۰	۱۳۶۰۰۰	صنعتی	عرصه و اعیان	بانک صنعت و معدن	شهر ساوه شهرک کاوه	۲۴۷
باغ ویلا با ساختمان یک طبقه	۱۸۰۰	۱۶۰۰۰	۱۵۷۰۰	باغ	عرصه و اعیان	اموال تملیکی	شهرستان دماوند روستای گیلاوند	۲۵
مغازه تجاری در پاساژ	۳۶	۲۶۰۰۰	۲۳۵۰۰	تجاری	اعیان	بانک سپه	شهر همدان میدان امام	۲۶
ساختمان مسکونی سه طبقه	۴۲۰	۳۳۶۰۰۰	۲۹۸۰۰۰	مسکونی	عرصه و اعیان	بنیاد مسکن	شهر اراک خیابان شهید بهشتی	۳۱
زمین مسکونی واقع در شهرک	۲۸۰	۸۵۰۰	۸۰۰۰	مسکونی	عرصه	تعاونی	شهر بوشهر شهرک بهمنی	۴۸
دبیرستان دولتی ولی‌عصر (عج) واقع در قطعه ۳۱ (۱۴۳۰)	۴۵۲۷	۱۹۰۰۸۹۸۹۸۰	۵۵۲۴۴۸۰۰۰	کمیته - ساختمان اداری	کاربری آموزشی	شهرداری منطقه ۱۰	استان تهران شهر تهران خیابان امام خمینی پلاک ۲۹ و ۳۱	۱۰۰
زمین تجاری واقع در پلاک ثبتی ۱۸۹/۴۵ بخش ۲	۶۴۶	۲۶۸۷۴۰۰	۸۷۳۷۰۰	تجاری - مسکونی	عرصه	املاک خزانه	بخش ۲ شهر قم خیابان صفائیه کوچه ۱۲ پلاک ۸	۱۸۰
اراضی باغ واقع در پلاک ۴۰۸/۱۷	۷۶۰	۸۱۳۲۰۰	۷۲۰۰۰۰	کشاورزی	عرصه	بانک ملی ایران	بخش ۳ شهرستان شهریار روستای قجر	۱۶۲
ساختمان اداری سابق اداره آموزش و پرورش	۴۵۸	۳۲۵۲۰۰۰	۴۸۰۰۰۰	اداری	عرصه و اعیان	اداره آموزش و پرورش	شهرستان ورامین خیابان شهدا	۲۹
زمین مسکونی واقع در پلاک ۲۲۱ فرعی از ۱۷ اصلی	۸۸۰	۷۳۷۰۰۰	۶۹۰۰۰۰	مسکونی	عرصه	سازمان ملی زمین و مسکن	شهر کرج خیابان مطهری کوچه ۸	۴۳
انبار و سوله صنعتی به مساحت ۱۲۰۰ متر مربع	۴۹۶	۹۰۰۰۰۰	۹۰۰۰۰۰	صنعتی	عرصه و اعیان	شرکت سهامی	شهرک صنعتی عباس‌آباد بلوک ۴	۱۳۶
